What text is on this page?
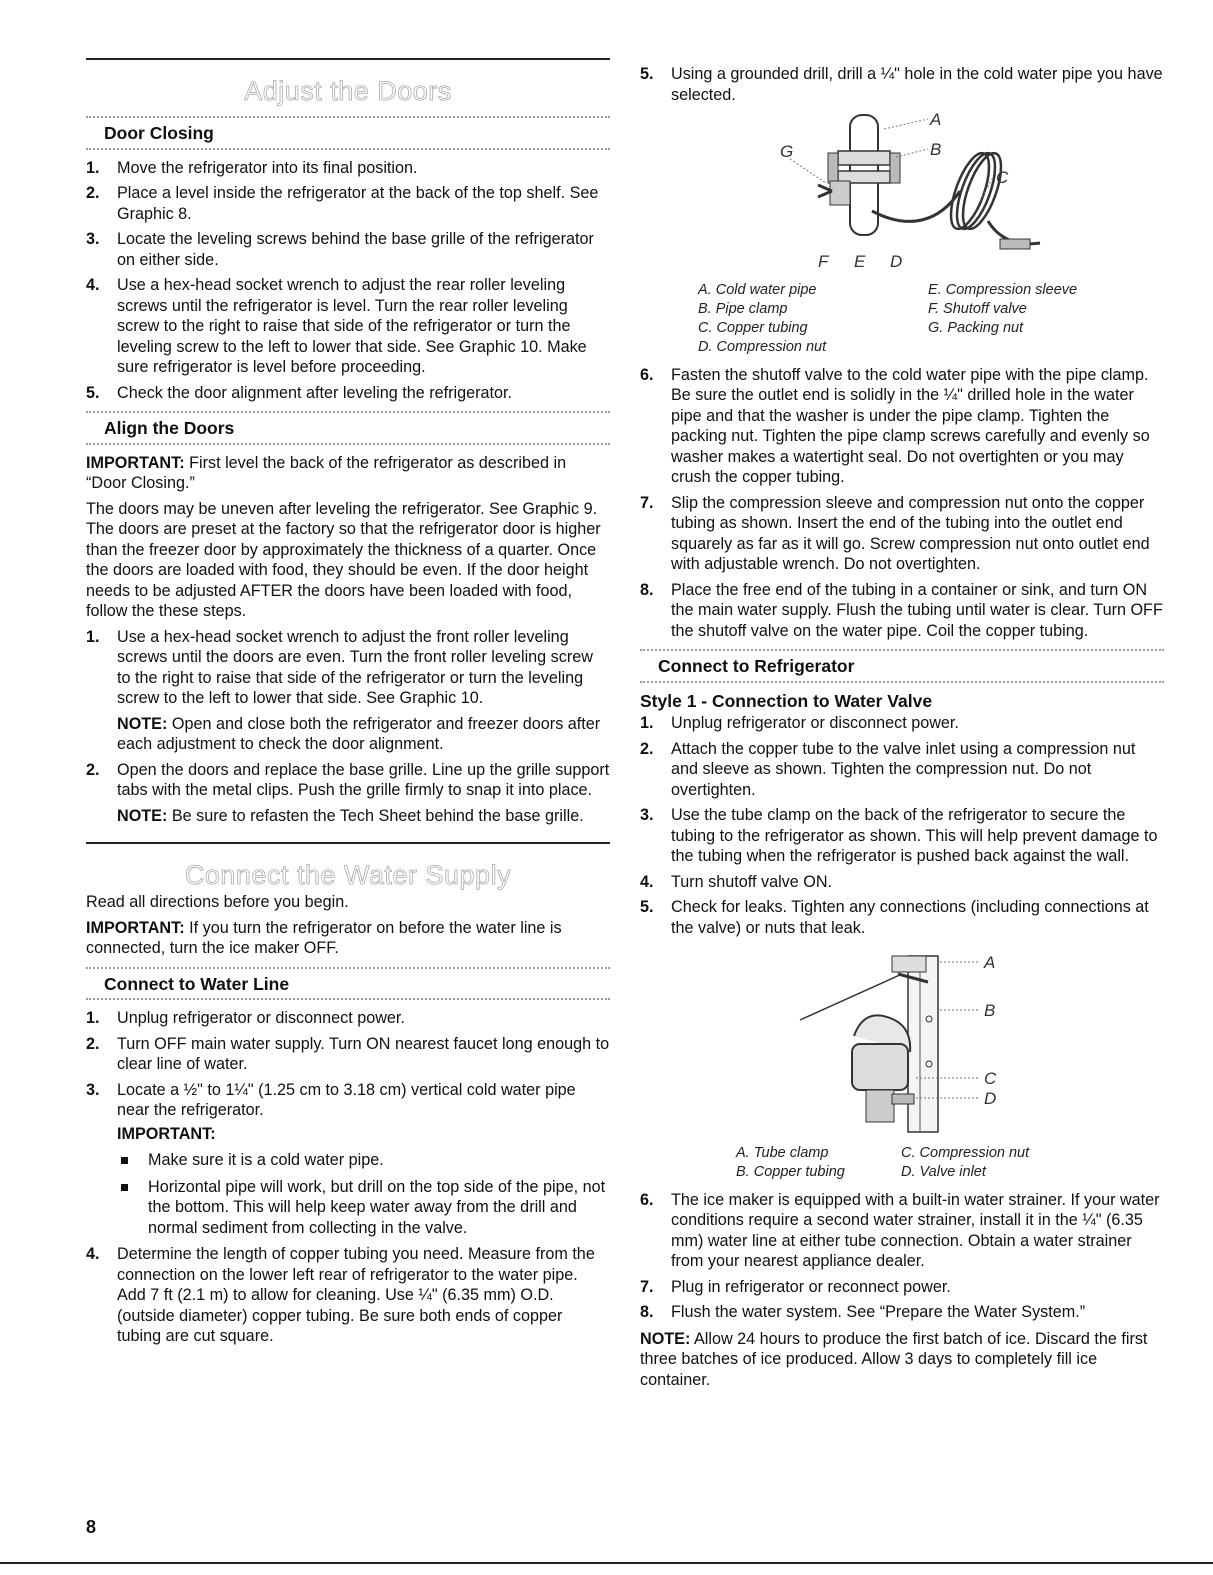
Adjust the Doors
Door Closing
1. Move the refrigerator into its final position.
2. Place a level inside the refrigerator at the back of the top shelf. See Graphic 8.
3. Locate the leveling screws behind the base grille of the refrigerator on either side.
4. Use a hex-head socket wrench to adjust the rear roller leveling screws until the refrigerator is level. Turn the rear roller leveling screw to the right to raise that side of the refrigerator or turn the leveling screw to the left to lower that side. See Graphic 10. Make sure refrigerator is level before proceeding.
5. Check the door alignment after leveling the refrigerator.
Align the Doors

IMPORTANT: First level the back of the refrigerator as described in “Door Closing.”

The doors may be uneven after leveling the refrigerator. See Graphic 9. The doors are preset at the factory so that the refrigerator door is higher than the freezer door by approximately the thickness of a quarter. Once the doors are loaded with food, they should be even. If the door height needs to be adjusted AFTER the doors have been loaded with food, follow the these steps.

1. Use a hex-head socket wrench to adjust the front roller leveling screws until the doors are even. Turn the front roller leveling screw to the right to raise that side of the refrigerator or turn the leveling screw to the left to lower that side. See Graphic 10.

NOTE: Open and close both the refrigerator and freezer doors after each adjustment to check the door alignment.

2. Open the doors and replace the base grille. Line up the grille support tabs with the metal clips. Push the grille firmly to snap it into place.

NOTE: Be sure to refasten the Tech Sheet behind the base grille.

Connect the Water Supply

Read all directions before you begin.

IMPORTANT: If you turn the refrigerator on before the water line is connected, turn the ice maker OFF.

Connect to Water Line
1. Unplug refrigerator or disconnect power.
2. Turn OFF main water supply. Turn ON nearest faucet long enough to clear line of water.
3. Locate a ½" to 1¼" (1.25 cm to 3.18 cm) vertical cold water pipe near the refrigerator.

IMPORTANT:

Make sure it is a cold water pipe.
Horizontal pipe will work, but drill on the top side of the pipe, not the bottom. This will help keep water away from the drill and normal sediment from collecting in the valve.
4. Determine the length of copper tubing you need. Measure from the connection on the lower left rear of refrigerator to the water pipe. Add 7 ft (2.1 m) to allow for cleaning. Use ¼" (6.35 mm) O.D. (outside diameter) copper tubing. Be sure both ends of copper tubing are cut square.
5. Using a grounded drill, drill a ¼" hole in the cold water pipe you have selected.
A
B
C
G
F E D
A. Cold water pipe	E. Compression sleeve
B. Pipe clamp	F. Shutoff valve
C. Copper tubing	G. Packing nut
D. Compression nut
6. Fasten the shutoff valve to the cold water pipe with the pipe clamp. Be sure the outlet end is solidly in the ¼" drilled hole in the water pipe and that the washer is under the pipe clamp. Tighten the packing nut. Tighten the pipe clamp screws carefully and evenly so washer makes a watertight seal. Do not overtighten or you may crush the copper tubing.
7. Slip the compression sleeve and compression nut onto the copper tubing as shown. Insert the end of the tubing into the outlet end squarely as far as it will go. Screw compression nut onto outlet end with adjustable wrench. Do not overtighten.
8. Place the free end of the tubing in a container or sink, and turn ON the main water supply. Flush the tubing until water is clear. Turn OFF the shutoff valve on the water pipe. Coil the copper tubing.
Connect to Refrigerator
Style 1 - Connection to Water Valve
1. Unplug refrigerator or disconnect power.
2. Attach the copper tube to the valve inlet using a compression nut and sleeve as shown. Tighten the compression nut. Do not overtighten.
3. Use the tube clamp on the back of the refrigerator to secure the tubing to the refrigerator as shown. This will help prevent damage to the tubing when the refrigerator is pushed back against the wall.
4. Turn shutoff valve ON.
5. Check for leaks. Tighten any connections (including connections at the valve) or nuts that leak.
A
B
C
D
A. Tube clamp	C. Compression nut
B. Copper tubing	D. Valve inlet
6. The ice maker is equipped with a built-in water strainer. If your water conditions require a second water strainer, install it in the ¼" (6.35 mm) water line at either tube connection. Obtain a water strainer from your nearest appliance dealer.
7. Plug in refrigerator or reconnect power.
8. Flush the water system. See “Prepare the Water System.”

NOTE: Allow 24 hours to produce the first batch of ice. Discard the first three batches of ice produced. Allow 3 days to completely fill ice container.

8
